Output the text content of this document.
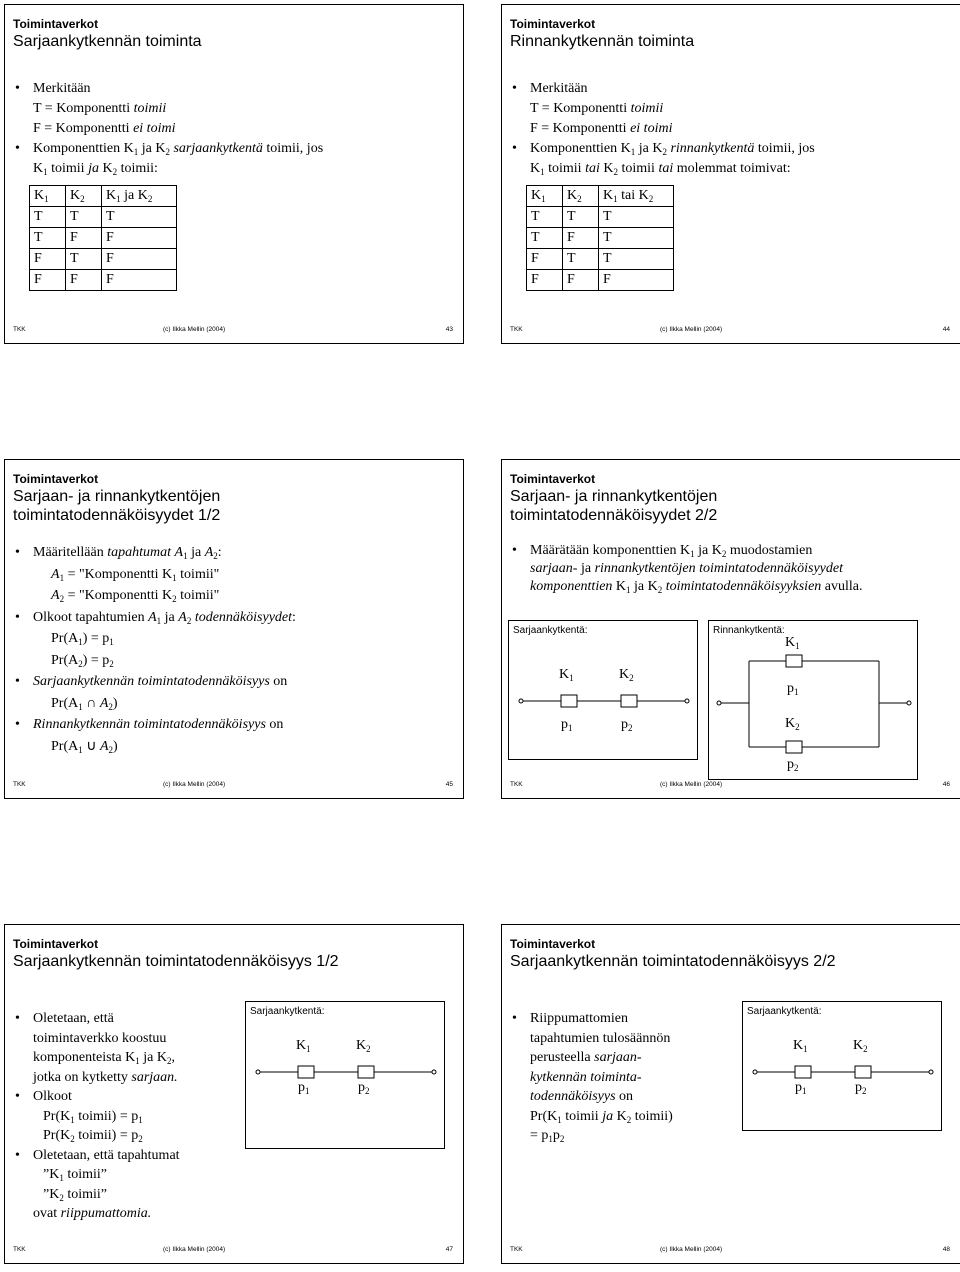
Toimintaverkot
Sarjaankytkennän toiminta
• Merkitään
T = Komponentti toimii
F = Komponentti ei toimi
• Komponenttien $K_1$ ja $K_2$ sarjaankytkentä toimii, jos
$K_1$ toimii ja $K_2$ toimii:
$K_1$	$K_2$	$K_1$ ja $K_2$
T	T	T
T	F	F
F	T	F
F	F	F
TKK	(c) Ilkka Mellin (2004)	43
Toimintaverkot
Rinnankytkennän toiminta
• Merkitään
T = Komponentti toimii
F = Komponentti ei toimi
• Komponenttien $K_1$ ja $K_2$ rinnankytkentä toimii, jos
$K_1$ toimii tai $K_2$ toimii tai molemmat toimivat:
$K_1$	$K_2$	$K_1$ tai $K_2$
T	T	T
T	F	T
F	T	T
F	F	F
TKK	(c) Ilkka Mellin (2004)	44
Toimintaverkot
Sarjaan- ja rinnankytkentöjen
toimintatodennäköisyydet 1/2
• Määritellään tapahtumat $A_1$ ja $A_2$:
$A_1$ = "Komponentti $K_1$ toimii"
$A_2$ = "Komponentti $K_2$ toimii"
• Olkoot tapahtumien $A_1$ ja $A_2$ todennäköisyydet:
$Pr(A_1) = p_1$
$Pr(A_2) = p_2$
• Sarjaankytkennän toimintatodennäköisyys on
$Pr(A_1$ ∩ $A_2$)
• Rinnankytkennän toimintatodennäköisyys on
$Pr(A_1$ ∪ $A_2$)
TKK	(c) Ilkka Mellin (2004)	45
Toimintaverkot
Sarjaan- ja rinnankytkentöjen
toimintatodennäköisyydet 2/2
• Määrätään komponenttien $K_1$ ja $K_2$ muodostamien
sarjaan- ja rinnankytkentöjen toimintatodennäköisyydet
komponenttien $K_1$ ja $K_2$ toimintatodennäköisyyksien avulla.
Sarjaankytkentä:
$K_1$	$K_2$
$p_1$	$p_2$
Rinnankytkentä:
$K_1$
$p_1$
$K_2$
$p_2$
TKK	(c) Ilkka Mellin (2004)	46
Toimintaverkot
Sarjaankytkennän toimintatodennäköisyys 1/2
• Oletetaan, että
toimintaverkko koostuu
komponenteista $K_1$ ja $K_2$,
jotka on kytketty sarjaan.
• Olkoot
$Pr(K_1$ toimii) = $p_1$
$Pr(K_2$ toimii) = $p_2$
• Oletetaan, että tapahtumat
$”K_1$ toimii”
$”K_2$ toimii”
ovat riippumattomia.
Sarjaankytkentä:
$K_1$	$K_2$
$p_1$	$p_2$
TKK	(c) Ilkka Mellin (2004)	47
Toimintaverkot
Sarjaankytkennän toimintatodennäköisyys 2/2
• Riippumattomien
tapahtumien tulosäännön
perusteella sarjaan-
kytkennän toiminta-
todennäköisyys on
$Pr(K_1$ toimii ja $K_2$ toimii)
= $p_1p_2$
Sarjaankytkentä:
$K_1$	$K_2$
$p_1$	$p_2$
TKK	(c) Ilkka Mellin (2004)	48
